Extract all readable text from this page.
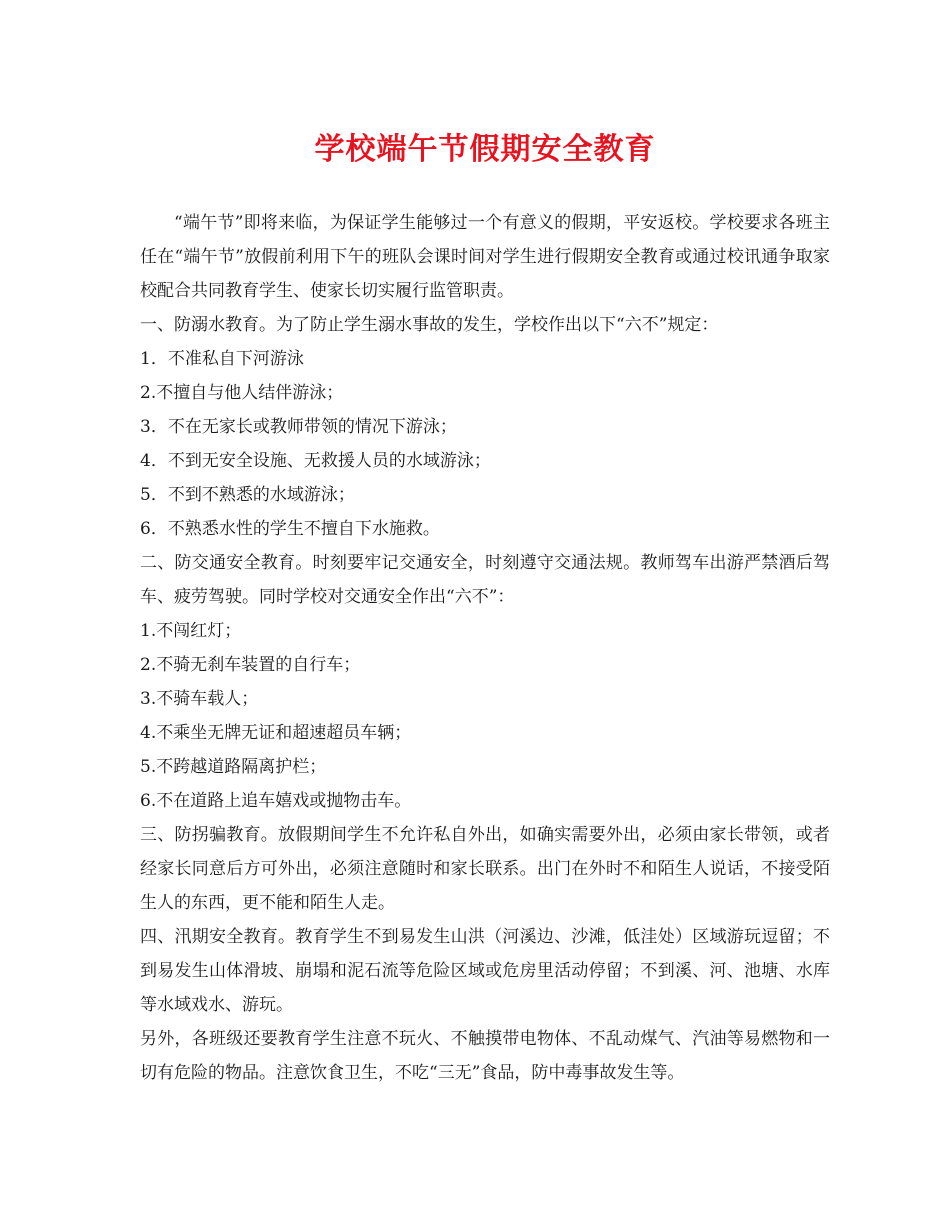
学校端午节假期安全教育

“端午节”即将来临，为保证学生能够过一个有意义的假期，平安返校。学校要求各班主任在“端午节”放假前利用下午的班队会课时间对学生进行假期安全教育或通过校讯通争取家校配合共同教育学生、使家长切实履行监管职责。

一、防溺水教育。为了防止学生溺水事故的发生，学校作出以下“六不”规定：

1．不准私自下河游泳

2.不擅自与他人结伴游泳；

3．不在无家长或教师带领的情况下游泳；

4．不到无安全设施、无救援人员的水域游泳；

5．不到不熟悉的水域游泳；

6．不熟悉水性的学生不擅自下水施救。

二、防交通安全教育。时刻要牢记交通安全，时刻遵守交通法规。教师驾车出游严禁酒后驾车、疲劳驾驶。同时学校对交通安全作出“六不”：

1.不闯红灯；

2.不骑无刹车装置的自行车；

3.不骑车载人；

4.不乘坐无牌无证和超速超员车辆；

5.不跨越道路隔离护栏；

6.不在道路上追车嬉戏或抛物击车。

三、防拐骗教育。放假期间学生不允许私自外出，如确实需要外出，必须由家长带领，或者经家长同意后方可外出，必须注意随时和家长联系。出门在外时不和陌生人说话，不接受陌生人的东西，更不能和陌生人走。

四、汛期安全教育。教育学生不到易发生山洪（河溪边、沙滩，低洼处）区域游玩逗留；不到易发生山体滑坡、崩塌和泥石流等危险区域或危房里活动停留；不到溪、河、池塘、水库等水域戏水、游玩。

另外，各班级还要教育学生注意不玩火、不触摸带电物体、不乱动煤气、汽油等易燃物和一切有危险的物品。注意饮食卫生，不吃“三无”食品，防中毒事故发生等。
